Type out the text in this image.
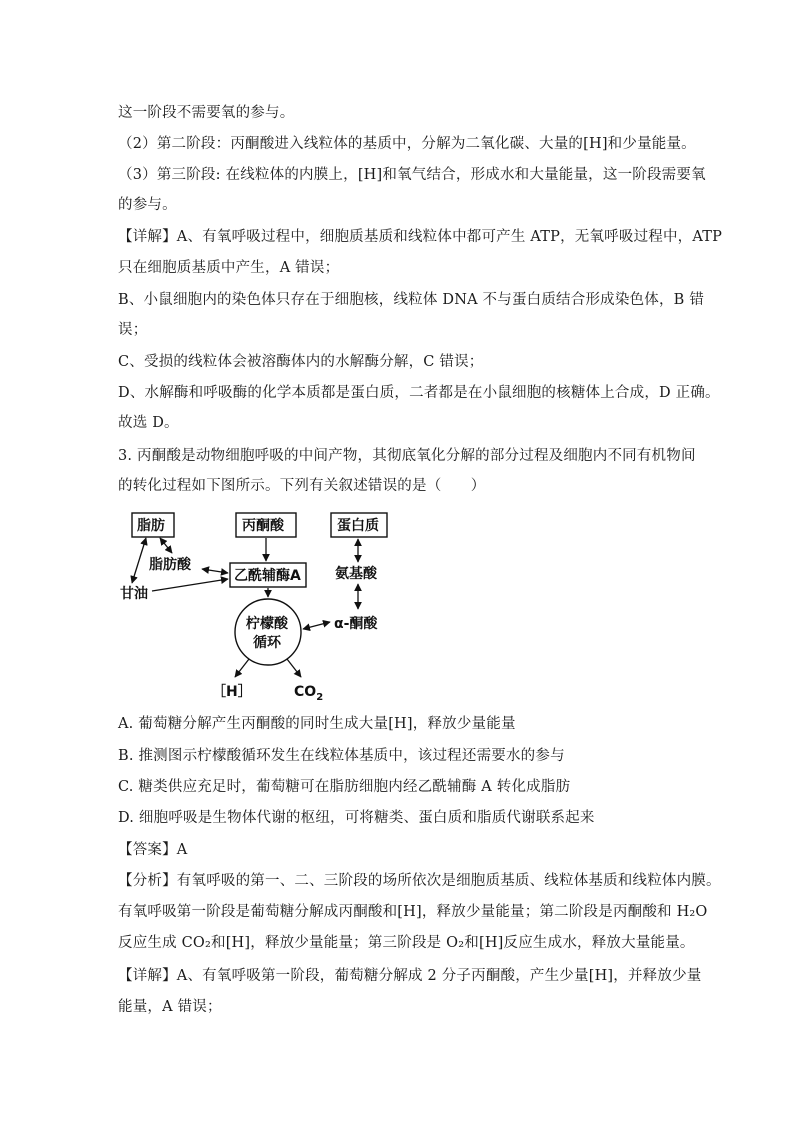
这一阶段不需要氧的参与。
（2）第二阶段：丙酮酸进入线粒体的基质中，分解为二氧化碳、大量的[H]和少量能量。
（3）第三阶段: 在线粒体的内膜上，[H]和氧气结合，形成水和大量能量，这一阶段需要氧
的参与。
【详解】A、有氧呼吸过程中，细胞质基质和线粒体中都可产生 ATP，无氧呼吸过程中，ATP
只在细胞质基质中产生，A 错误；
B、小鼠细胞内的染色体只存在于细胞核，线粒体 DNA 不与蛋白质结合形成染色体，B 错
误；
C、受损的线粒体会被溶酶体内的水解酶分解，C 错误；
D、水解酶和呼吸酶的化学本质都是蛋白质，二者都是在小鼠细胞的核糖体上合成，D 正确。
故选 D。
3. 丙酮酸是动物细胞呼吸的中间产物，其彻底氧化分解的部分过程及细胞内不同有机物间
的转化过程如下图所示。下列有关叙述错误的是（　　）
脂肪	丙酮酸	蛋白质
乙酰辅酶A
脂肪酸
甘油
氨基酸
α-酮酸
柠檬酸
循环
［H］	$CO_2$
A. 葡萄糖分解产生丙酮酸的同时生成大量[H]，释放少量能量
B. 推测图示柠檬酸循环发生在线粒体基质中，该过程还需要水的参与
C. 糖类供应充足时，葡萄糖可在脂肪细胞内经乙酰辅酶 A 转化成脂肪
D. 细胞呼吸是生物体代谢的枢纽，可将糖类、蛋白质和脂质代谢联系起来
【答案】A
【分析】有氧呼吸的第一、二、三阶段的场所依次是细胞质基质、线粒体基质和线粒体内膜。
有氧呼吸第一阶段是葡萄糖分解成丙酮酸和[H]，释放少量能量；第二阶段是丙酮酸和 H₂O
反应生成 CO₂和[H]，释放少量能量；第三阶段是 O₂和[H]反应生成水，释放大量能量。
【详解】A、有氧呼吸第一阶段，葡萄糖分解成 2 分子丙酮酸，产生少量[H]，并释放少量
能量，A 错误；
